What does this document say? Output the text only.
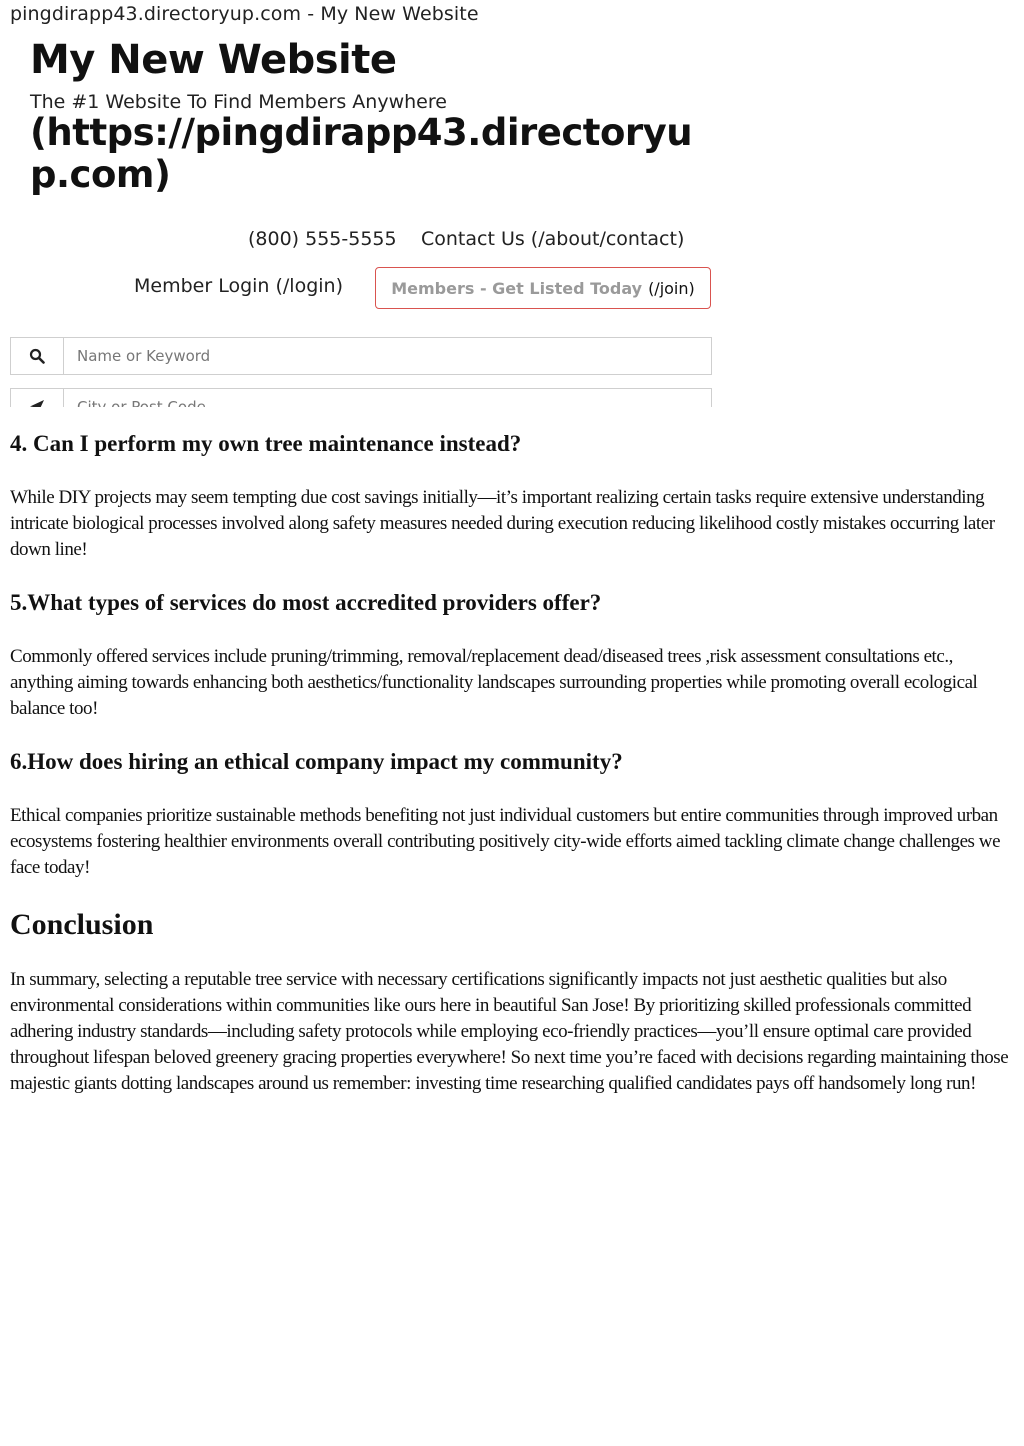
pingdirapp43.directoryup.com - My New Website
My New Website
The #1 Website To Find Members Anywhere
(https://pingdirapp43.directoryup.com)
(800) 555-5555 Contact Us (/about/contact)
Member Login (/login)	Members - Get Listed Today (/join)
Name or Keyword
City or Post Code
4. Can I perform my own tree maintenance instead?

While DIY projects may seem tempting due cost savings initially—it’s important realizing certain tasks require extensive understanding intricate biological processes involved along safety measures needed during execution reducing likelihood costly mistakes occurring later down line!

5.What types of services do most accredited providers offer?

Commonly offered services include pruning/trimming, removal/replacement dead/diseased trees ,risk assessment consultations etc., anything aiming towards enhancing both aesthetics/functionality landscapes surrounding properties while promoting overall ecological balance too!

6.How does hiring an ethical company impact my community?

Ethical companies prioritize sustainable methods benefiting not just individual customers but entire communities through improved urban ecosystems fostering healthier environments overall contributing positively city-wide efforts aimed tackling climate change challenges we face today!

Conclusion

In summary, selecting a reputable tree service with necessary certifications significantly impacts not just aesthetic qualities but also environmental considerations within communities like ours here in beautiful San Jose! By prioritizing skilled professionals committed adhering industry standards—including safety protocols while employing eco-friendly practices—you’ll ensure optimal care provided throughout lifespan beloved greenery gracing properties everywhere! So next time you’re faced with decisions regarding maintaining those majestic giants dotting landscapes around us remember: investing time researching qualified candidates pays off handsomely long run!
